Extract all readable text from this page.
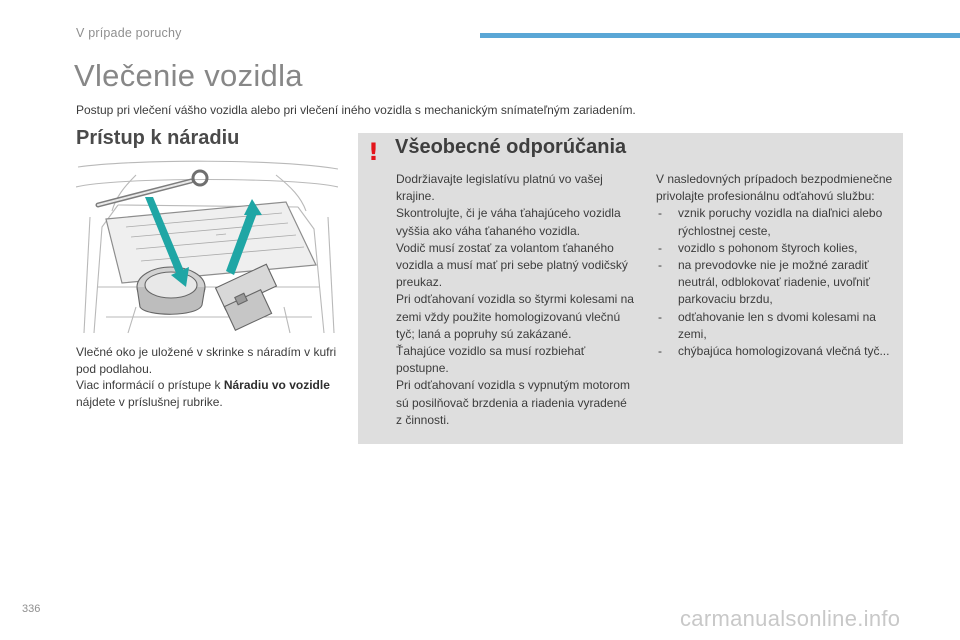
V prípade poruchy
Vlečenie vozidla
Postup pri vlečení vášho vozidla alebo pri vlečení iného vozidla s mechanickým snímateľným zariadením.
Prístup k náradiu
Vlečné oko je uložené v skrinke s náradím v kufri pod podlahou.
Viac informácií o prístupe k Náradiu vo vozidle nájdete v príslušnej rubrike.
! Všeobecné odporúčania

Dodržiavajte legislatívu platnú vo vašej krajine.

Skontrolujte, či je váha ťahajúceho vozidla vyššia ako váha ťahaného vozidla.

Vodič musí zostať za volantom ťahaného vozidla a musí mať pri sebe platný vodičský preukaz.

Pri odťahovaní vozidla so štyrmi kolesami na zemi vždy použite homologizovanú vlečnú tyč; laná a popruhy sú zakázané.

Ťahajúce vozidlo sa musí rozbiehať postupne.

Pri odťahovaní vozidla s vypnutým motorom sú posilňovač brzdenia a riadenia vyradené z činnosti.

V nasledovných prípadoch bezpodmienečne privolajte profesionálnu odťahovú službu:

- vznik poruchy vozidla na diaľnici alebo rýchlostnej ceste,
- vozidlo s pohonom štyroch kolies,
- na prevodovke nie je možné zaradiť neutrál, odblokovať riadenie, uvoľniť parkovaciu brzdu,
- odťahovanie len s dvomi kolesami na zemi,
- chýbajúca homologizovaná vlečná tyč...
336	carmanualsonline.info
